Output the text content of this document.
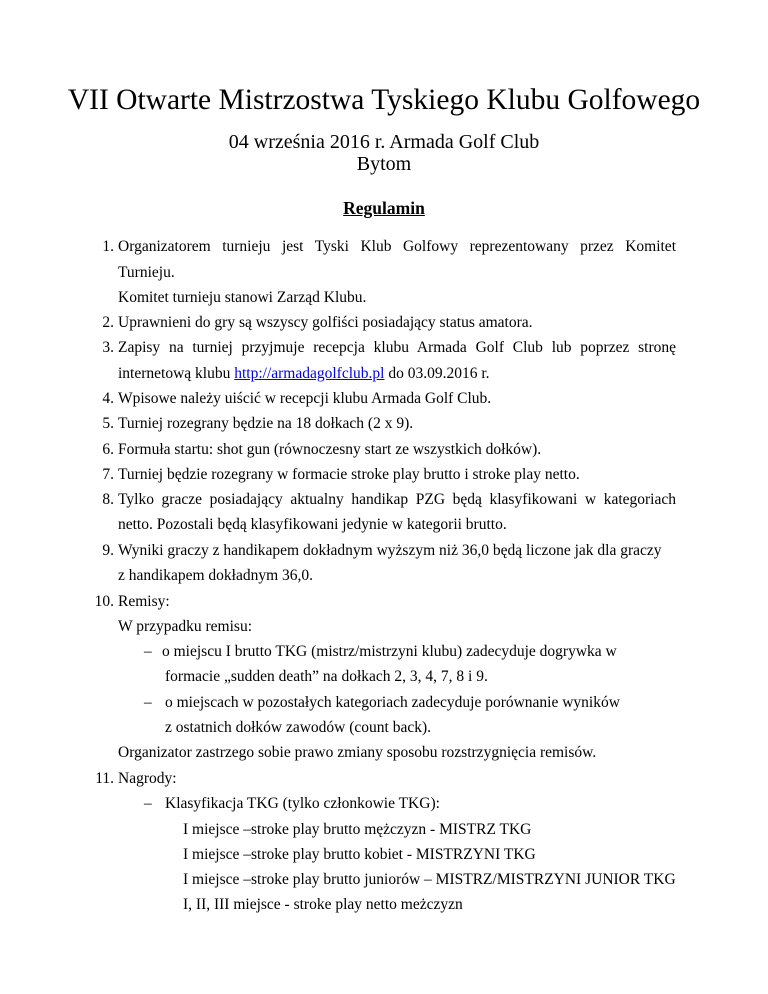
VII Otwarte Mistrzostwa Tyskiego Klubu Golfowego
04 września 2016 r. Armada Golf Club
Bytom
Regulamin
1. Organizatorem turnieju jest Tyski Klub Golfowy reprezentowany przez Komitet
Turnieju.
Komitet turnieju stanowi Zarząd Klubu.
2. Uprawnieni do gry są wszyscy golfiści posiadający status amatora.
3. Zapisy na turniej przyjmuje recepcja klubu Armada Golf Club lub poprzez stronę
internetową klubu http://armadagolfclub.pl do 03.09.2016 r.
4. Wpisowe należy uiścić w recepcji klubu Armada Golf Club.
5. Turniej rozegrany będzie na 18 dołkach (2 x 9).
6. Formuła startu: shot gun (równoczesny start ze wszystkich dołków).
7. Turniej będzie rozegrany w formacie stroke play brutto i stroke play netto.
8. Tylko gracze posiadający aktualny handikap PZG będą klasyfikowani w kategoriach
netto. Pozostali będą klasyfikowani jedynie w kategorii brutto.
9. Wyniki graczy z handikapem dokładnym wyższym niż 36,0 będą liczone jak dla graczy
z handikapem dokładnym 36,0.
10. Remisy:
W przypadku remisu:
– o miejscu I brutto TKG (mistrz/mistrzyni klubu) zadecyduje dogrywka w
formacie „sudden death” na dołkach 2, 3, 4, 7, 8 i 9.
– o miejscach w pozostałych kategoriach zadecyduje porównanie wyników
z ostatnich dołków zawodów (count back).
Organizator zastrzego sobie prawo zmiany sposobu rozstrzygnięcia remisów.
11. Nagrody:
– Klasyfikacja TKG (tylko członkowie TKG):
I miejsce –stroke play brutto mężczyzn - MISTRZ TKG
I miejsce –stroke play brutto kobiet - MISTRZYNI TKG
I miejsce –stroke play brutto juniorów – MISTRZ/MISTRZYNI JUNIOR TKG
I, II, III miejsce - stroke play netto meżczyzn
